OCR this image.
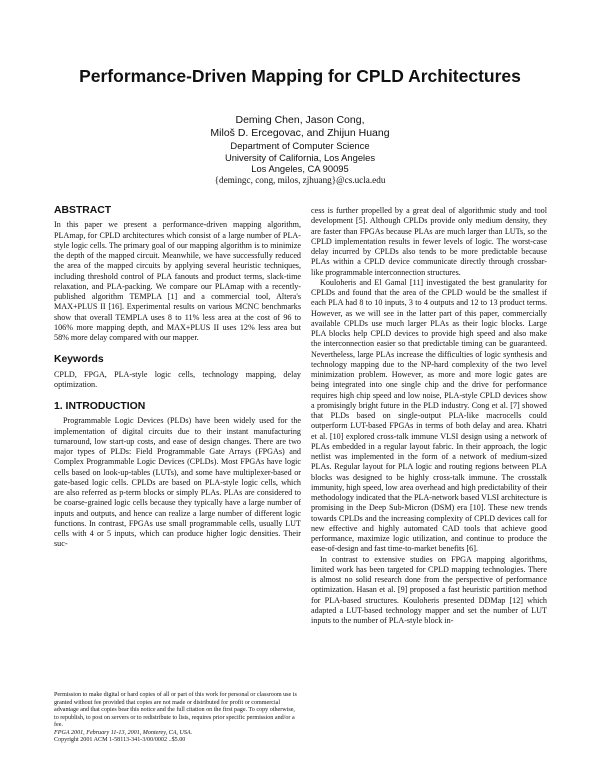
Performance-Driven Mapping for CPLD Architectures
Deming Chen, Jason Cong,
Miloš D. Ercegovac, and Zhijun Huang
Department of Computer Science
University of California, Los Angeles
Los Angeles, CA 90095
{demingc, cong, milos, zjhuang}@cs.ucla.edu
ABSTRACT

In this paper we present a performance-driven mapping algorithm, PLAmap, for CPLD architectures which consist of a large number of PLA-style logic cells. The primary goal of our mapping algorithm is to minimize the depth of the mapped circuit. Meanwhile, we have successfully reduced the area of the mapped circuits by applying several heuristic techniques, including threshold control of PLA fanouts and product terms, slack-time relaxation, and PLA-packing. We compare our PLAmap with a recently-published algorithm TEMPLA [1] and a commercial tool, Altera's MAX+PLUS II [16]. Experimental results on various MCNC benchmarks show that overall TEMPLA uses 8 to 11% less area at the cost of 96 to 106% more mapping depth, and MAX+PLUS II uses 12% less area but 58% more delay compared with our mapper.

Keywords

CPLD, FPGA, PLA-style logic cells, technology mapping, delay optimization.

1. INTRODUCTION

Programmable Logic Devices (PLDs) have been widely used for the implementation of digital circuits due to their instant manufacturing turnaround, low start-up costs, and ease of design changes. There are two major types of PLDs: Field Programmable Gate Arrays (FPGAs) and Complex Programmable Logic Devices (CPLDs). Most FPGAs have logic cells based on look-up-tables (LUTs), and some have multiplexer-based or gate-based logic cells. CPLDs are based on PLA-style logic cells, which are also referred as p-term blocks or simply PLAs. PLAs are considered to be coarse-grained logic cells because they typically have a large number of inputs and outputs, and hence can realize a large number of different logic functions. In contrast, FPGAs use small programmable cells, usually LUT cells with 4 or 5 inputs, which can produce higher logic densities. Their suc-

Permission to make digital or hard copies of all or part of this work for personal or classroom use is granted without fee provided that copies are not made or distributed for profit or commercial advantage and that copies bear this notice and the full citation on the first page. To copy otherwise, to republish, to post on servers or to redistribute to lists, requires prior specific permission and/or a fee.
FPGA 2001, February 11-13, 2001, Monterey, CA, USA.
Copyright 2001 ACM 1-58113-341-3/00/0002 ..$5.00

cess is further propelled by a great deal of algorithmic study and tool development [5]. Although CPLDs provide only medium density, they are faster than FPGAs because PLAs are much larger than LUTs, so the CPLD implementation results in fewer levels of logic. The worst-case delay incurred by CPLDs also tends to be more predictable because PLAs within a CPLD device communicate directly through crossbar-like programmable interconnection structures.

Kouloheris and El Gamal [11] investigated the best granularity for CPLDs and found that the area of the CPLD would be the smallest if each PLA had 8 to 10 inputs, 3 to 4 outputs and 12 to 13 product terms. However, as we will see in the latter part of this paper, commercially available CPLDs use much larger PLAs as their logic blocks. Large PLA blocks help CPLD devices to provide high speed and also make the interconnection easier so that predictable timing can be guaranteed. Nevertheless, large PLAs increase the difficulties of logic synthesis and technology mapping due to the NP-hard complexity of the two level minimization problem. However, as more and more logic gates are being integrated into one single chip and the drive for performance requires high chip speed and low noise, PLA-style CPLD devices show a promisingly bright future in the PLD industry. Cong et al. [7] showed that PLDs based on single-output PLA-like macrocells could outperform LUT-based FPGAs in terms of both delay and area. Khatri et al. [10] explored cross-talk immune VLSI design using a network of PLAs embedded in a regular layout fabric. In their approach, the logic netlist was implemented in the form of a network of medium-sized PLAs. Regular layout for PLA logic and routing regions between PLA blocks was designed to be highly cross-talk immune. The crosstalk immunity, high speed, low area overhead and high predictability of their methodology indicated that the PLA-network based VLSI architecture is promising in the Deep Sub-Micron (DSM) era [10]. These new trends towards CPLDs and the increasing complexity of CPLD devices call for new effective and highly automated CAD tools that achieve good performance, maximize logic utilization, and continue to produce the ease-of-design and fast time-to-market benefits [6].

In contrast to extensive studies on FPGA mapping algorithms, limited work has been targeted for CPLD mapping technologies. There is almost no solid research done from the perspective of performance optimization. Hasan et al. [9] proposed a fast heuristic partition method for PLA-based structures. Kouloheris presented DDMap [12] which adapted a LUT-based technology mapper and set the number of LUT inputs to the number of PLA-style block in-
